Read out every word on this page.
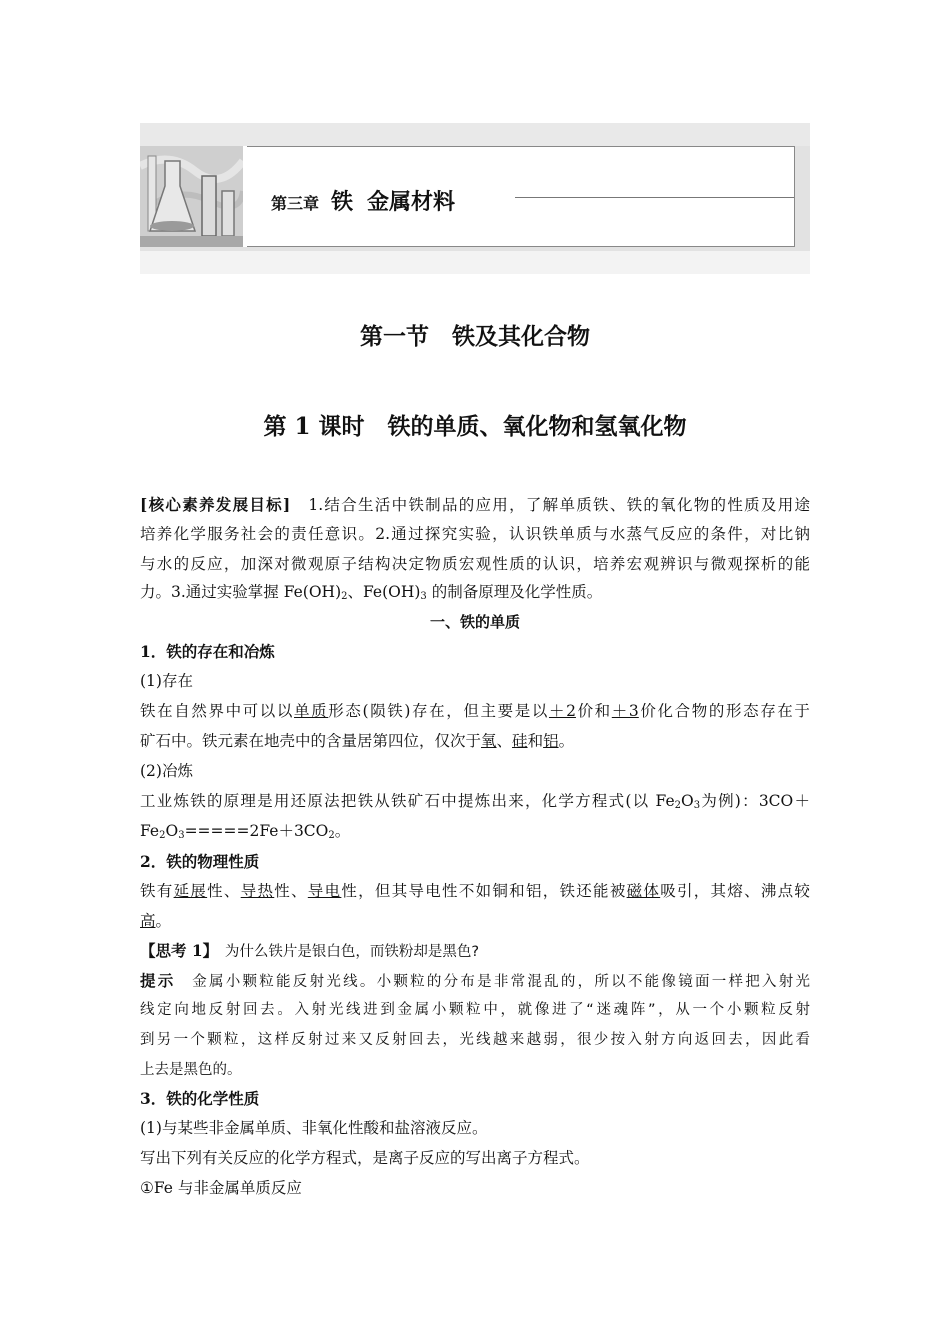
第三章 铁 金属材料
第一节　铁及其化合物
第 1 课时　铁的单质、氧化物和氢氧化物
[核心素养发展目标]　1.结合生活中铁制品的应用，了解单质铁、铁的氧化物的性质及用途
培养化学服务社会的责任意识。2.通过探究实验，认识铁单质与水蒸气反应的条件，对比钠
与水的反应，加深对微观原子结构决定物质宏观性质的认识，培养宏观辨识与微观探析的能
力。3.通过实验掌握 $Fe(OH)_2$、$Fe(OH)_3$ 的制备原理及化学性质。
一、铁的单质
1．铁的存在和冶炼
(1)存在
铁在自然界中可以以单质形态(陨铁)存在，但主要是以＋2价和＋3价化合物的形态存在于
矿石中。铁元素在地壳中的含量居第四位，仅次于氧、硅和铝。
(2)冶炼
工业炼铁的原理是用还原法把铁从铁矿石中提炼出来，化学方程式(以 $Fe_2O_3$为例)：3CO＋
$Fe_2O_3=====2Fe+3CO_2$。
2．铁的物理性质
铁有延展性、导热性、导电性，但其导电性不如铜和铝，铁还能被磁体吸引，其熔、沸点较
高。
【思考 1】　为什么铁片是银白色，而铁粉却是黑色?
提示　金属小颗粒能反射光线。小颗粒的分布是非常混乱的，所以不能像镜面一样把入射光
线定向地反射回去。入射光线进到金属小颗粒中，就像进了“迷魂阵”，从一个小颗粒反射
到另一个颗粒，这样反射过来又反射回去，光线越来越弱，很少按入射方向返回去，因此看
上去是黑色的。
3．铁的化学性质
(1)与某些非金属单质、非氧化性酸和盐溶液反应。
写出下列有关反应的化学方程式，是离子反应的写出离子方程式。
①Fe 与非金属单质反应
